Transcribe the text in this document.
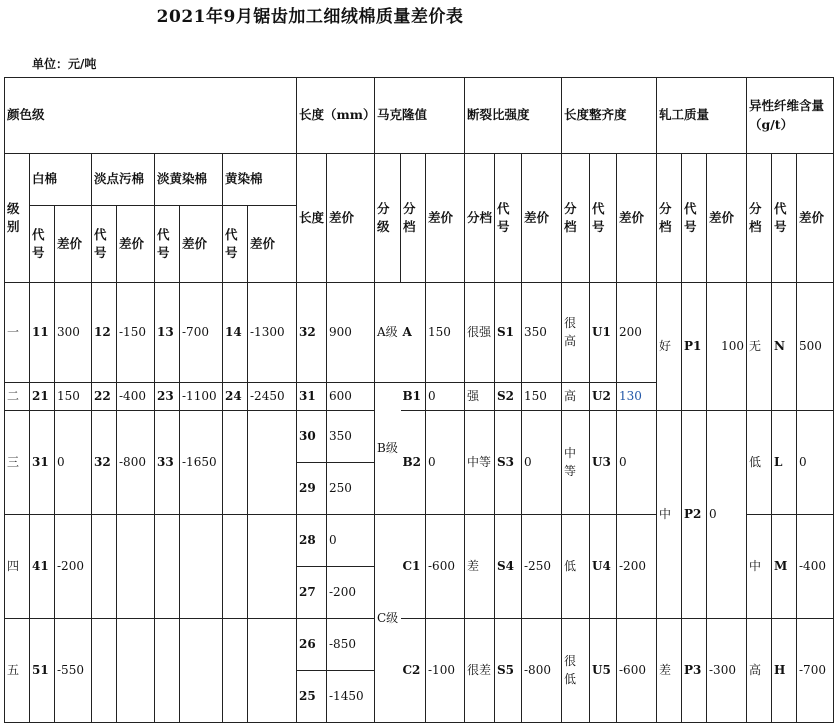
2021年9月锯齿加工细绒棉质量差价表
单位：元/吨
颜色级									长度（mm）		马克隆值			断裂比强度			长度整齐度			轧工质量			异性纤维含量（g/t）		
级别	白棉		淡点污棉		淡黄染棉		黄染棉		长度	差价	分级	分档	差价	分档	代号	差价	分档	代号	差价	分档	代号	差价	分档	代号	差价
	代号	差价	代号	差价	代号	差价	代号	差价																	
一	11	300	12	-150	13	-700	14	-1300	32	900	A级	A	150	很强	S1	350	很高	U1	200	好	P1	100	无	N	500
二	21	150	22	-400	23	-1100	24	-2450	31	600	B级	B1	0	强	S2	150	高	U2	130						
三	31	0	32	-800	33	-1650			30	350		B2	0	中等	S3	0	中等	U3	0	中	P2	0	低	L	0
									29	250															
四	41	-200							28	0	C级	C1	-600	差	S4	-250	低	U4	-200				中	M	-400
									27	-200															
五	51	-550							26	-850		C2	-100	很差	S5	-800	很低	U5	-600	差	P3	-300	高	H	-700
									25	-1450															
